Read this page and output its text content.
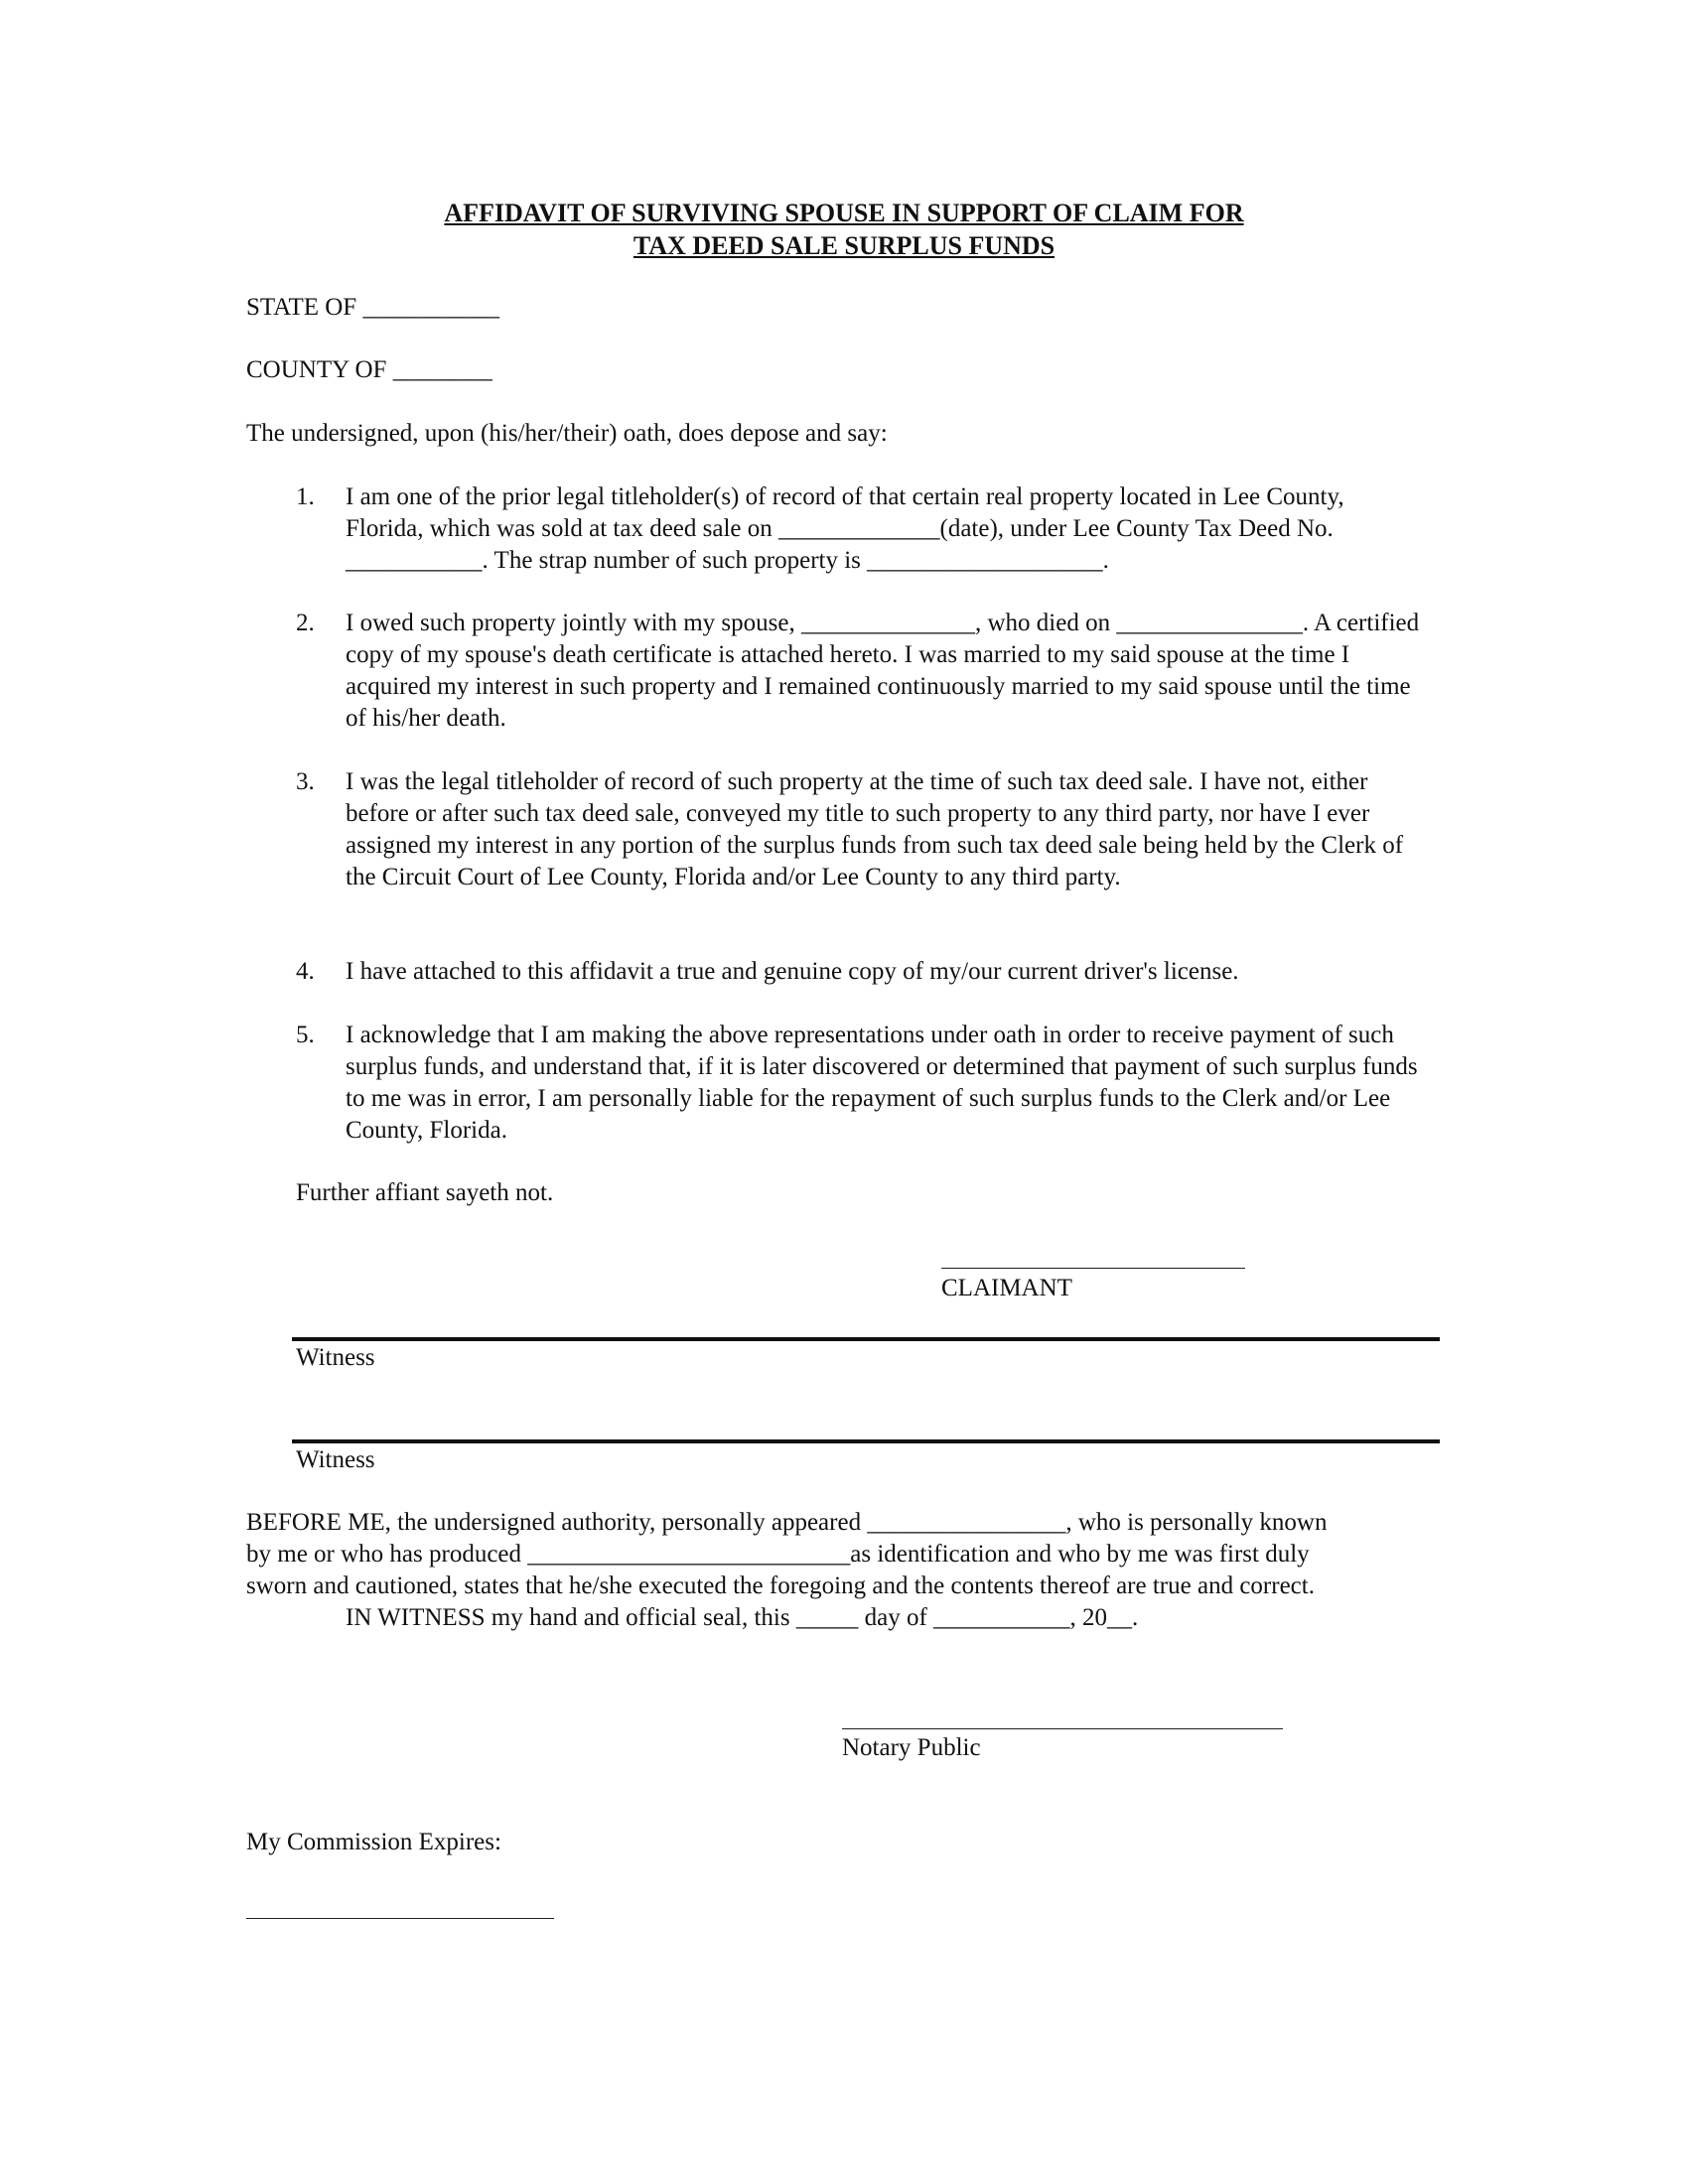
AFFIDAVIT OF SURVIVING SPOUSE IN SUPPORT OF CLAIM FOR
TAX DEED SALE SURPLUS FUNDS
STATE OF ___________
COUNTY OF ________
The undersigned, upon (his/her/their) oath, does depose and say:
1. I am one of the prior legal titleholder(s) of record of that certain real property located in Lee County, Florida, which was sold at tax deed sale on _____________(date), under Lee County Tax Deed No. ___________. The strap number of such property is ___________________.
2. I owed such property jointly with my spouse, ______________, who died on _______________. A certified copy of my spouse's death certificate is attached hereto. I was married to my said spouse at the time I acquired my interest in such property and I remained continuously married to my said spouse until the time of his/her death.
3. I was the legal titleholder of record of such property at the time of such tax deed sale. I have not, either before or after such tax deed sale, conveyed my title to such property to any third party, nor have I ever assigned my interest in any portion of the surplus funds from such tax deed sale being held by the Clerk of the Circuit Court of Lee County, Florida and/or Lee County to any third party.
4. I have attached to this affidavit a true and genuine copy of my/our current driver's license.
5. I acknowledge that I am making the above representations under oath in order to receive payment of such surplus funds, and understand that, if it is later discovered or determined that payment of such surplus funds to me was in error, I am personally liable for the repayment of such surplus funds to the Clerk and/or Lee County, Florida.
Further affiant sayeth not.
CLAIMANT
Witness
Witness
BEFORE ME, the undersigned authority, personally appeared ________________, who is personally known
by me or who has produced __________________________as identification and who by me was first duly
sworn and cautioned, states that he/she executed the foregoing and the contents thereof are true and correct.
IN WITNESS my hand and official seal, this _____ day of ___________, 20__.
Notary Public
My Commission Expires:
